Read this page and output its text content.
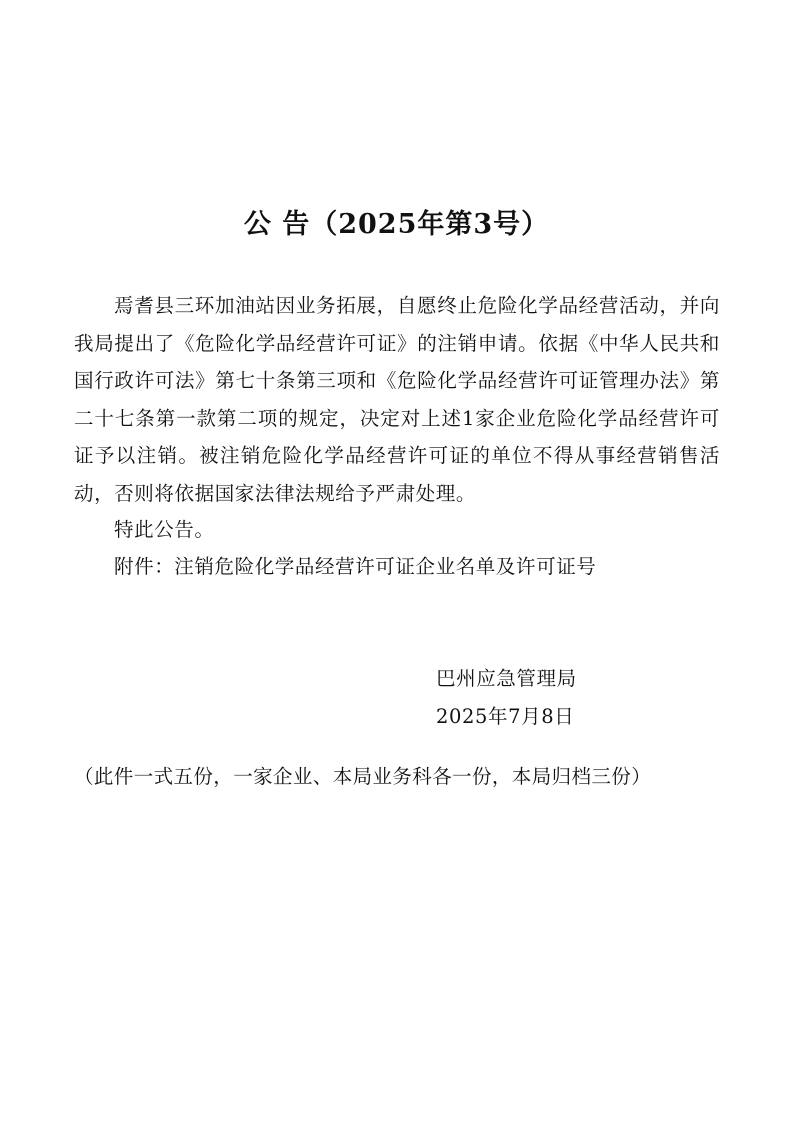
公 告（2025年第3号）

焉耆县三环加油站因业务拓展，自愿终止危险化学品经营活动，并向我局提出了《危险化学品经营许可证》的注销申请。依据《中华人民共和国行政许可法》第七十条第三项和《危险化学品经营许可证管理办法》第二十七条第一款第二项的规定，决定对上述1家企业危险化学品经营许可证予以注销。被注销危险化学品经营许可证的单位不得从事经营销售活动，否则将依据国家法律法规给予严肃处理。

特此公告。

附件：注销危险化学品经营许可证企业名单及许可证号

巴州应急管理局
2025年7月8日

（此件一式五份，一家企业、本局业务科各一份，本局归档三份）
